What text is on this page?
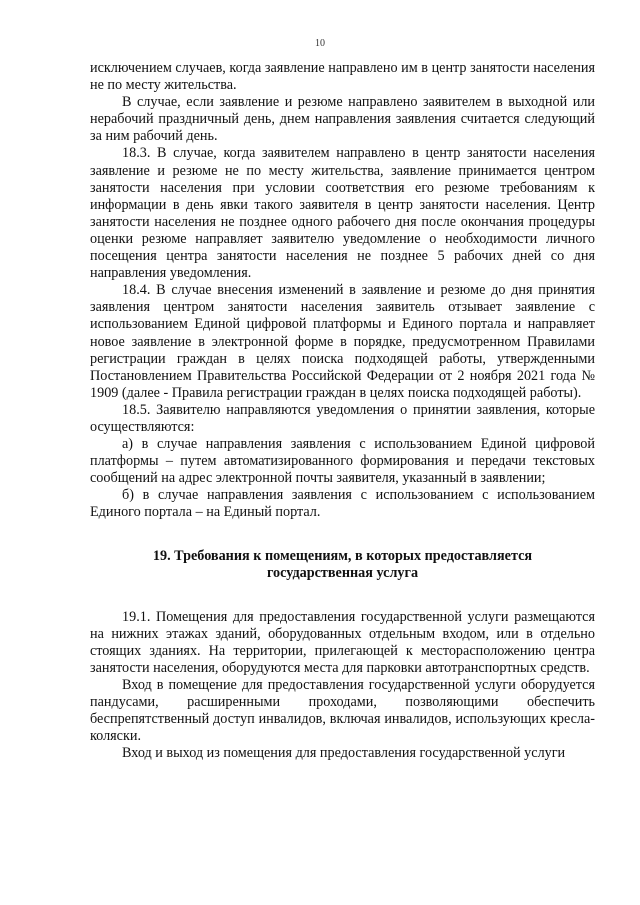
10

исключением случаев, когда заявление направлено им в центр занятости населения не по месту жительства.

В случае, если заявление и резюме направлено заявителем в выходной или нерабочий праздничный день, днем направления заявления считается следующий за ним рабочий день.

18.3. В случае, когда заявителем направлено в центр занятости населения заявление и резюме не по месту жительства, заявление принимается центром занятости населения при условии соответствия его резюме требованиям к информации в день явки такого заявителя в центр занятости населения. Центр занятости населения не позднее одного рабочего дня после окончания процедуры оценки резюме направляет заявителю уведомление о необходимости личного посещения центра занятости населения не позднее 5 рабочих дней со дня направления уведомления.

18.4. В случае внесения изменений в заявление и резюме до дня принятия заявления центром занятости населения заявитель отзывает заявление с использованием Единой цифровой платформы и Единого портала и направляет новое заявление в электронной форме в порядке, предусмотренном Правилами регистрации граждан в целях поиска подходящей работы, утвержденными Постановлением Правительства Российской Федерации от 2 ноября 2021 года № 1909 (далее - Правила регистрации граждан в целях поиска подходящей работы).

18.5. Заявителю направляются уведомления о принятии заявления, которые осуществляются:

а) в случае направления заявления с использованием Единой цифровой платформы – путем автоматизированного формирования и передачи текстовых сообщений на адрес электронной почты заявителя, указанный в заявлении;

б) в случае направления заявления с использованием с использованием Единого портала – на Единый портал.

19. Требования к помещениям, в которых предоставляется
государственная услуга

19.1. Помещения для предоставления государственной услуги размещаются на нижних этажах зданий, оборудованных отдельным входом, или в отдельно стоящих зданиях. На территории, прилегающей к месторасположению центра занятости населения, оборудуются места для парковки автотранспортных средств.

Вход в помещение для предоставления государственной услуги оборудуется пандусами, расширенными проходами, позволяющими обеспечить беспрепятственный доступ инвалидов, включая инвалидов, использующих кресла-коляски.

Вход и выход из помещения для предоставления государственной услуги
